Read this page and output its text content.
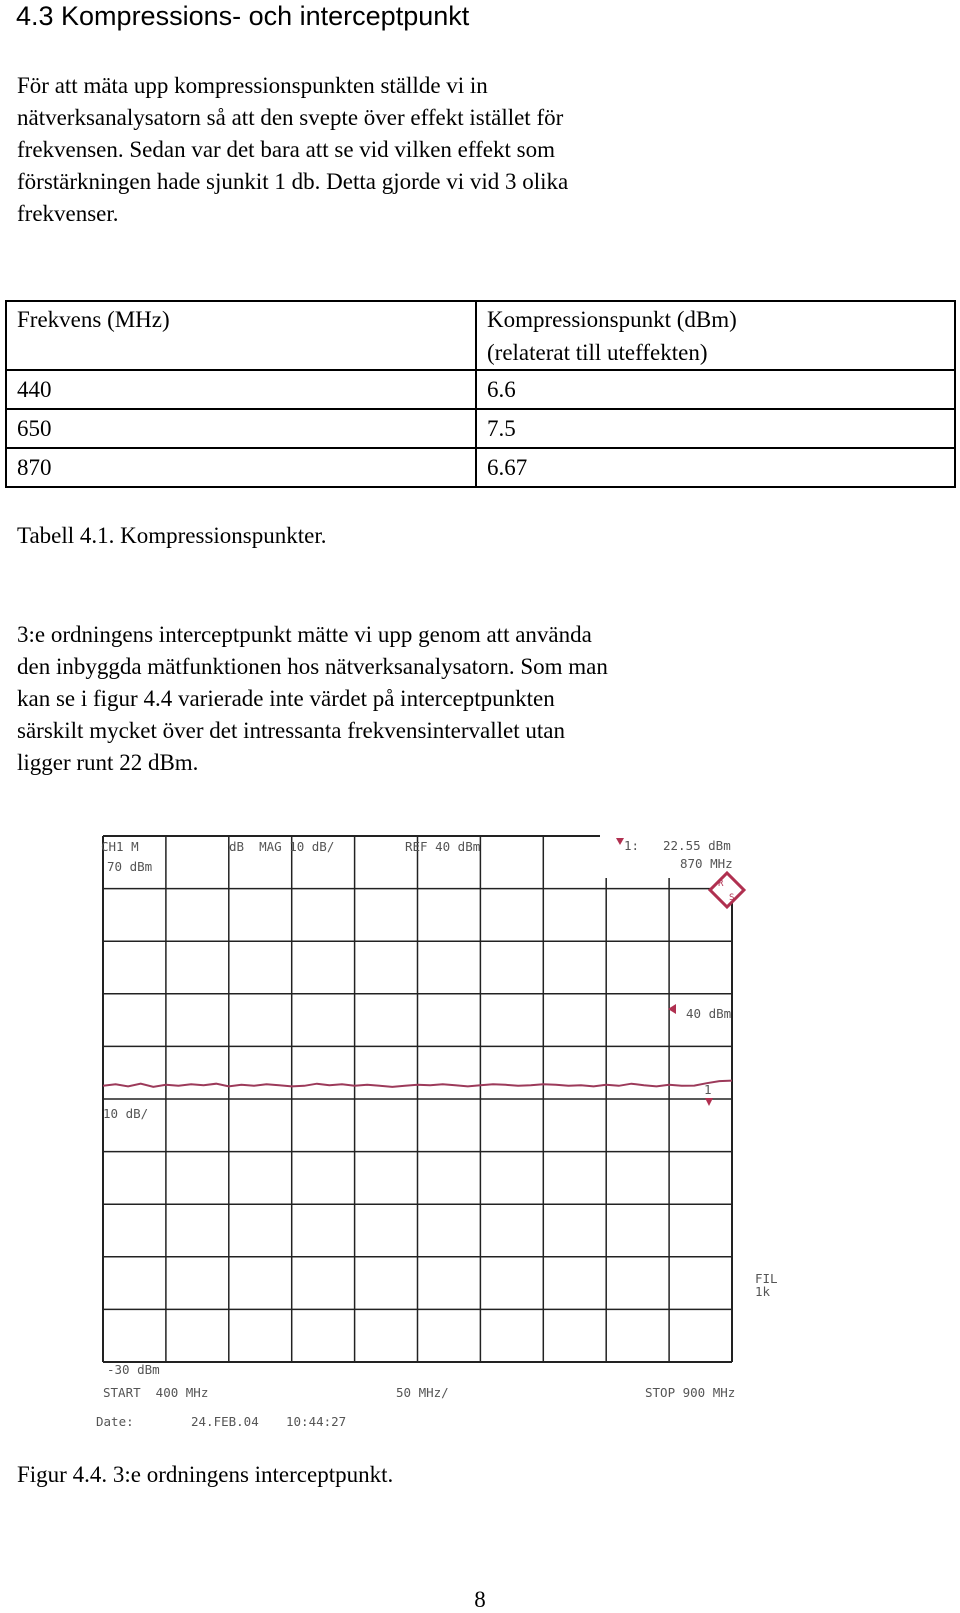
4.3 Kompressions- och interceptpunkt

För att mäta upp kompressionspunkten ställde vi in
nätverksanalysatorn så att den svepte över effekt istället för
frekvensen. Sedan var det bara att se vid vilken effekt som
förstärkningen hade sjunkit 1 db. Detta gjorde vi vid 3 olika
frekvenser.

Frekvens (MHz)	Kompressionspunkt (dBm)
(relaterat till uteffekten)

440	6.6
650	7.5
870	6.67

Tabell 4.1. Kompressionspunkter.

3:e ordningens interceptpunkt mätte vi upp genom att använda
den inbyggda mätfunktionen hos nätverksanalysatorn. Som man
kan se i figur 4.4 varierade inte värdet på interceptpunkten
särskilt mycket över det intressanta frekvensintervallet utan
ligger runt 22 dBm.

CH1 M
70 dBm
dB  MAG 10 dB/	REF 40 dBm	1: 22.55 dBm
870 MHz
40 dBm
10 dB/
1
FIL
1k
-30 dBm
START  400 MHz	50 MHz/	STOP 900 MHz
Date:	24.FEB.04 10:44:27
R
S

Figur 4.4. 3:e ordningens interceptpunkt.

8
